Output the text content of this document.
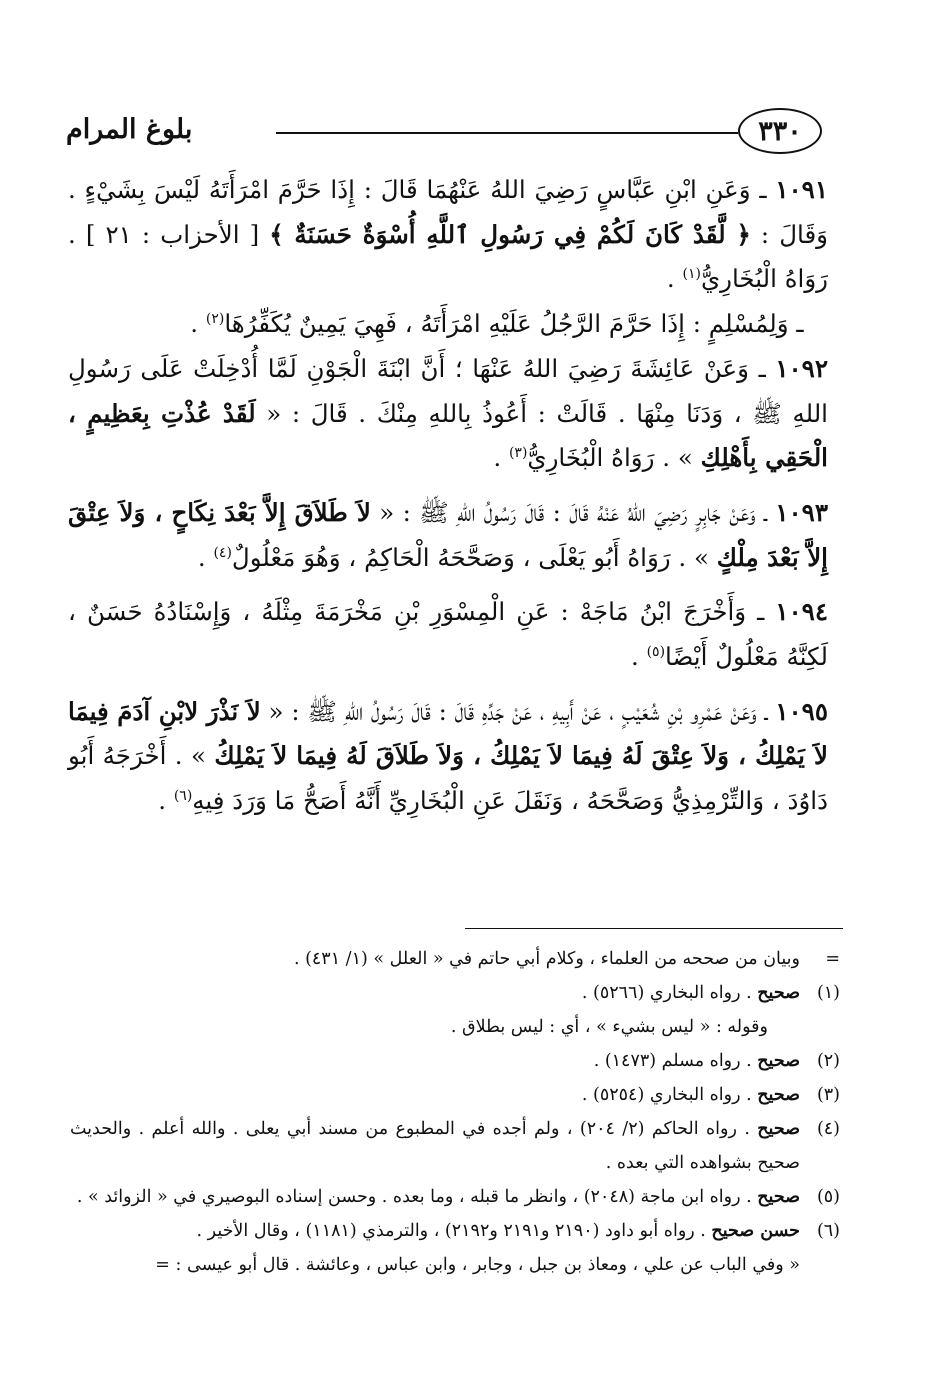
بلوغ المرام	٣٣٠

١٠٩١ ـ وَعَنِ ابْنِ عَبَّاسٍ رَضِيَ اللهُ عَنْهُمَا قَالَ : إِذَا حَرَّمَ امْرَأَتَهُ لَيْسَ بِشَيْءٍ . وَقَالَ : ﴿ لَّقَدْ كَانَ لَكُمْ فِي رَسُولِ ٱللَّهِ أُسْوَةٌ حَسَنَةٌ ﴾ [ الأحزاب : ٢١ ] . رَوَاهُ الْبُخَارِيُّ$^{(١)}$ .

  ـ وَلِمُسْلِمٍ : إِذَا حَرَّمَ الرَّجُلُ عَلَيْهِ امْرَأَتَهُ ، فَهِيَ يَمِينٌ يُكَفِّرُهَا$^{(٢)}$ .

١٠٩٢ ـ وَعَنْ عَائِشَةَ رَضِيَ اللهُ عَنْهَا ؛ أَنَّ ابْنَةَ الْجَوْنِ لَمَّا أُدْخِلَتْ عَلَى رَسُولِ اللهِ ﷺ ، وَدَنَا مِنْهَا . قَالَتْ : أَعُوذُ بِاللهِ مِنْكَ . قَالَ : « لَقَدْ عُذْتِ بِعَظِيمٍ ، الْحَقِي بِأَهْلِكِ » . رَوَاهُ الْبُخَارِيُّ$^{(٣)}$ .

١٠٩٣ ـ وَعَنْ جَابِرٍ رَضِيَ اللهُ عَنْهُ قَالَ : قَالَ رَسُولُ اللهِ ﷺ : « لاَ طَلاَقَ إِلاَّ بَعْدَ نِكَاحٍ ، وَلاَ عِتْقَ إِلاَّ بَعْدَ مِلْكٍ » . رَوَاهُ أَبُو يَعْلَى ، وَصَحَّحَهُ الْحَاكِمُ ، وَهُوَ مَعْلُولٌ$^{(٤)}$ .

١٠٩٤ ـ وَأَخْرَجَ ابْنُ مَاجَهْ : عَنِ الْمِسْوَرِ بْنِ مَخْرَمَةَ مِثْلَهُ ، وَإِسْنَادُهُ حَسَنٌ ، لَكِنَّهُ مَعْلُولٌ أَيْضًا$^{(٥)}$ .

١٠٩٥ ـ وَعَنْ عَمْرِو بْنِ شُعَيْبٍ ، عَنْ أَبِيهِ ، عَنْ جَدِّهِ قَالَ : قَالَ رَسُولُ اللهِ ﷺ : « لاَ نَذْرَ لابْنِ آدَمَ فِيمَا لاَ يَمْلِكُ ، وَلاَ عِتْقَ لَهُ فِيمَا لاَ يَمْلِكُ ، وَلاَ طَلاَقَ لَهُ فِيمَا لاَ يَمْلِكُ » . أَخْرَجَهُ أَبُو دَاوُدَ ، وَالتِّرْمِذِيُّ وَصَحَّحَهُ ، وَنَقَلَ عَنِ الْبُخَارِيِّ أَنَّهُ أَصَحُّ مَا وَرَدَ فِيهِ$^{(٦)}$ .

=
وبيان من صححه من العلماء ، وكلام أبي حاتم في « العلل » (١/ ٤٣١) .

(١)
صحيح . رواه البخاري (٥٢٦٦) .

وقوله : « ليس بشيء » ، أي : ليس بطلاق .

(٢)
صحيح . رواه مسلم (١٤٧٣) .

(٣)
صحيح . رواه البخاري (٥٢٥٤) .

(٤)
صحيح . رواه الحاكم (٢/ ٢٠٤) ، ولم أجده في المطبوع من مسند أبي يعلى . والله أعلم . والحديث صحيح بشواهده التي بعده .

(٥)
صحيح . رواه ابن ماجة (٢٠٤٨) ، وانظر ما قبله ، وما بعده . وحسن إسناده البوصيري في « الزوائد » .

(٦)
حسن صحيح . رواه أبو داود (٢١٩٠ و٢١٩١ و٢١٩٢) ، والترمذي (١١٨١) ، وقال الأخير .

« وفي الباب عن علي ، ومعاذ بن جبل ، وجابر ، وابن عباس ، وعائشة . قال أبو عيسى : =
